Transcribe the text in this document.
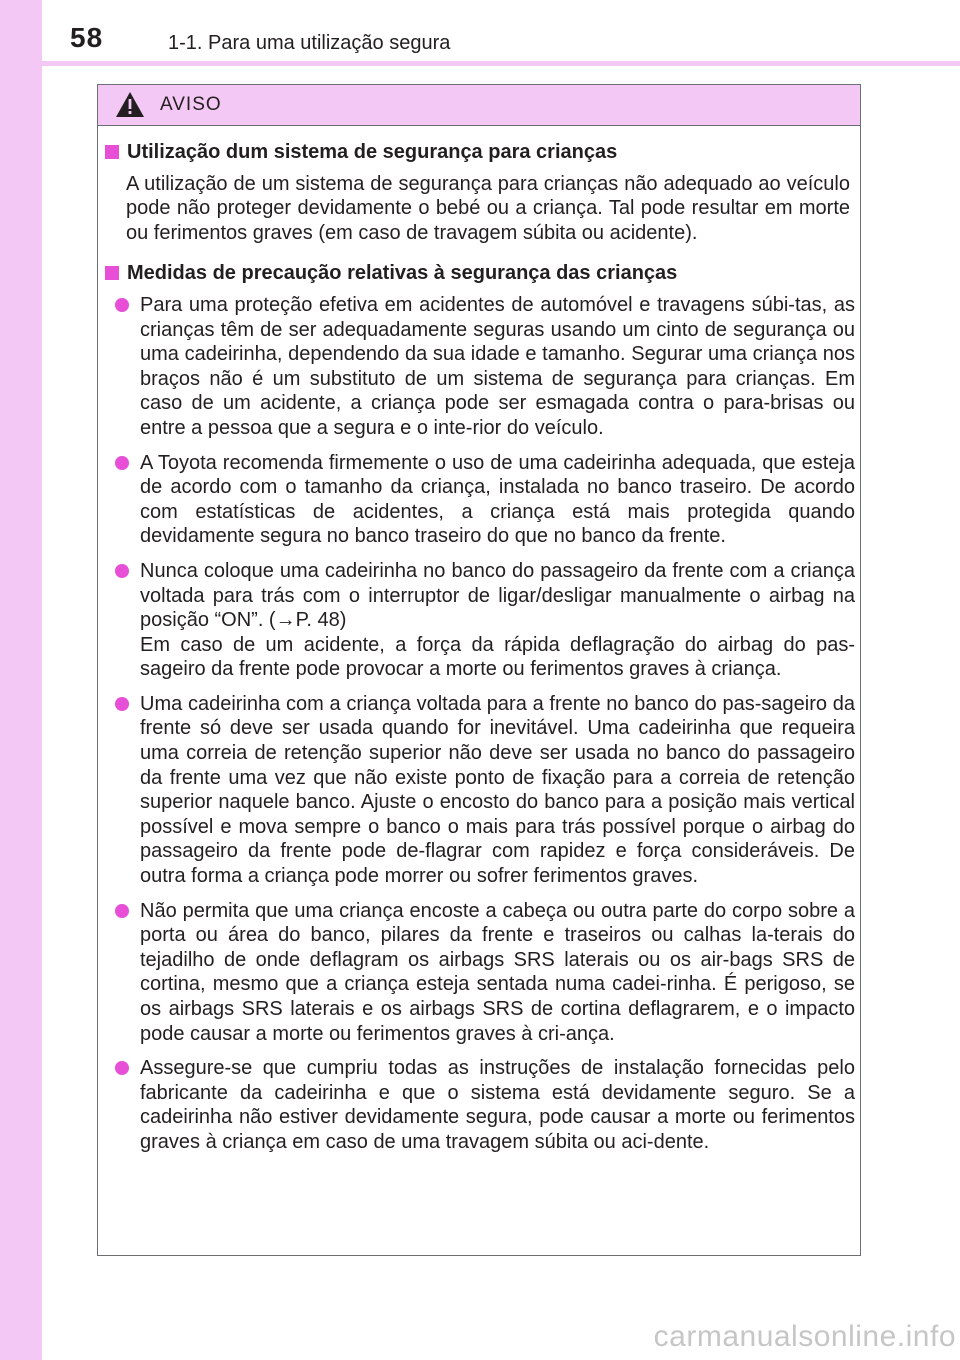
58	1-1. Para uma utilização segura
AVISO
Utilização dum sistema de segurança para crianças

A utilização de um sistema de segurança para crianças não adequado ao veículo pode não proteger devidamente o bebé ou a criança. Tal pode resultar em morte ou ferimentos graves (em caso de travagem súbita ou acidente).

Medidas de precaução relativas à segurança das crianças

Para uma proteção efetiva em acidentes de automóvel e travagens súbi-tas, as crianças têm de ser adequadamente seguras usando um cinto de segurança ou uma cadeirinha, dependendo da sua idade e tamanho. Segurar uma criança nos braços não é um substituto de um sistema de segurança para crianças. Em caso de um acidente, a criança pode ser esmagada contra o para-brisas ou entre a pessoa que a segura e o inte-rior do veículo.

A Toyota recomenda firmemente o uso de uma cadeirinha adequada, que esteja de acordo com o tamanho da criança, instalada no banco traseiro. De acordo com estatísticas de acidentes, a criança está mais protegida quando devidamente segura no banco traseiro do que no banco da frente.

Nunca coloque uma cadeirinha no banco do passageiro da frente com a criança voltada para trás com o interruptor de ligar/desligar manualmente o airbag na posição “ON”. (→P. 48)

Em caso de um acidente, a força da rápida deflagração do airbag do pas-sageiro da frente pode provocar a morte ou ferimentos graves à criança.

Uma cadeirinha com a criança voltada para a frente no banco do pas-sageiro da frente só deve ser usada quando for inevitável. Uma cadeirinha que requeira uma correia de retenção superior não deve ser usada no banco do passageiro da frente uma vez que não existe ponto de fixação para a correia de retenção superior naquele banco. Ajuste o encosto do banco para a posição mais vertical possível e mova sempre o banco o mais para trás possível porque o airbag do passageiro da frente pode de-flagrar com rapidez e força consideráveis. De outra forma a criança pode morrer ou sofrer ferimentos graves.

Não permita que uma criança encoste a cabeça ou outra parte do corpo sobre a porta ou área do banco, pilares da frente e traseiros ou calhas la-terais do tejadilho de onde deflagram os airbags SRS laterais ou os air-bags SRS de cortina, mesmo que a criança esteja sentada numa cadei-rinha. É perigoso, se os airbags SRS laterais e os airbags SRS de cortina deflagrarem, e o impacto pode causar a morte ou ferimentos graves à cri-ança.

Assegure-se que cumpriu todas as instruções de instalação fornecidas pelo fabricante da cadeirinha e que o sistema está devidamente seguro. Se a cadeirinha não estiver devidamente segura, pode causar a morte ou ferimentos graves à criança em caso de uma travagem súbita ou aci-dente.

carmanualsonline.info
